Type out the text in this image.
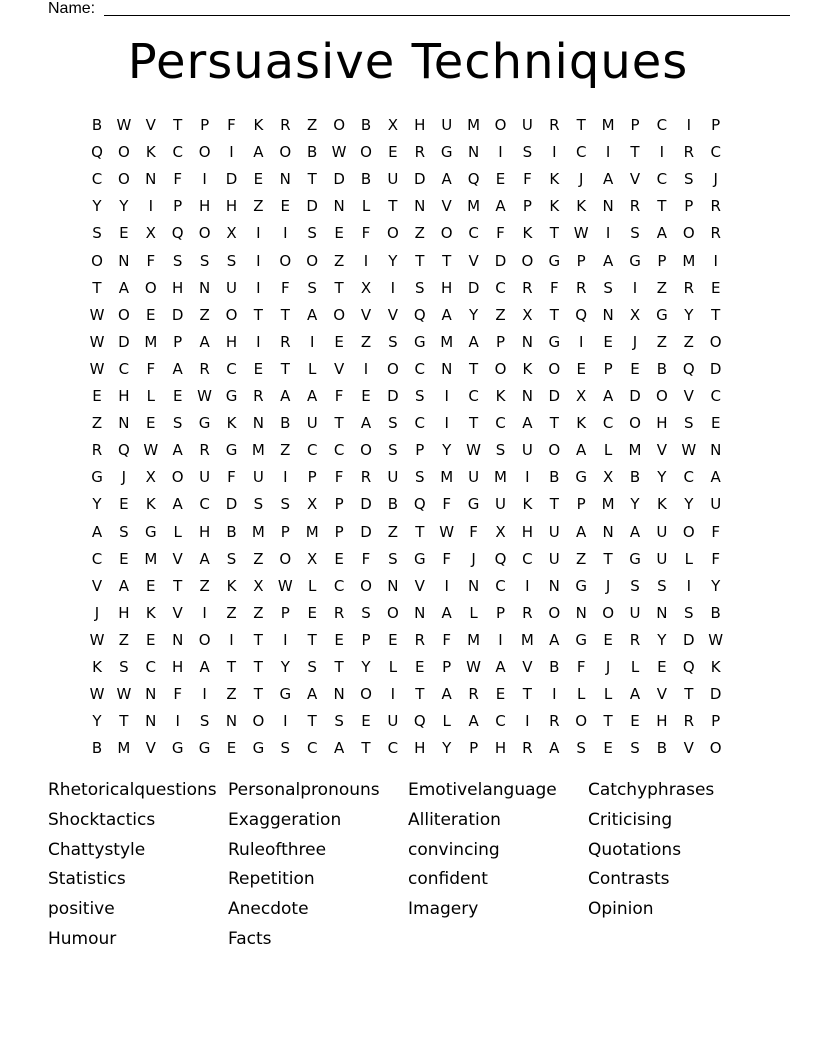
Name:
Persuasive Techniques
B W V	T	P	F	K	R	Z	O	B	X	H	U M O	U	R	T	M	P	C	I	P
Q	O	K	C	O	I	A	O	B W O	E	R	G	N	I	S	I	C	I	T	I	R	C
C	O	N	F	I	D	E	N	T	D	B	U	D	A	Q	E	F	K	J	A	V	C	S	J
Y	Y	I	P	H	H	Z	E	D	N	L	T	N	V	M	A	P	K	K	N	R	T	P	R
S	E	X	Q	O	X	I	I	S	E	F	O	Z	O	C	F	K	T W	I	S	A	O	R
O	N	F	S	S	S	I	O	O	Z	I	Y	T	T	V	D	O	G	P	A	G	P	M	I
T	A	O	H	N	U	I	F	S	T	X	I	S	H	D	C	R	F	R	S	I	Z	R	E
W O	E	D	Z	O	T	T	A	O	V	V	Q	A	Y	Z	X	T	Q	N	X	G	Y	T
W D M	P	A	H	I	R	I	E	Z	S	G M	A	P	N	G	I	E	J	Z	Z	O
W C	F	A	R	C	E	T	L	V	I	O	C	N	T	O	K	O	E	P	E	B	Q	D
E	H	L	E W G	R	A	A	F	E	D	S	I	C	K	N	D	X	A	D	O	V	C
Z	N	E	S	G	K	N	B	U	T	A	S	C	I	T	C	A	T	K	C	O	H	S	E
R	Q W A	R	G M	Z	C	C	O	S	P	Y W S	U	O	A	L	M	V W N
G	J	X	O	U	F	U	I	P	F	R	U	S	M U M	I	B	G	X	B	Y	C	A
Y	E	K	A	C	D	S	S	X	P	D	B	Q	F	G	U	K	T	P	M	Y	K	Y	U
A	S	G	L	H	B	M	P	M	P	D	Z	T W	F	X	H	U	A	N	A	U	O	F
C	E	M	V	A	S	Z	O	X	E	F	S	G	F	J	Q	C	U	Z	T	G	U	L	F
V	A	E	T	Z	K	X W	L	C	O	N	V	I	N	C	I	N	G	J	S	S	I	Y
J	H	K	V	I	Z	Z	P	E	R	S	O	N	A	L	P	R	O	N	O	U	N	S	B
W Z	E	N	O	I	T	I	T	E	P	E	R	F	M	I	M	A	G	E	R	Y	D W
K	S	C	H	A	T	T	Y	S	T	Y	L	E	P W A	V	B	F	J	L	E	Q	K
W W N	F	I	Z	T	G	A	N	O	I	T	A	R	E	T	I	L	L	A	V	T	D
Y	T	N	I	S	N	O	I	T	S	E	U	Q	L	A	C	I	R	O	T	E	H	R	P
B	M	V	G	G	E	G	S	C	A	T	C	H	Y	P	H	R	A	S	E	S	B	V	O
Rhetoricalquestions
Shocktactics
Chattystyle
Statistics
positive
Humour
Personalpronouns
Exaggeration
Ruleofthree
Repetition
Anecdote
Facts
Emotivelanguage
Alliteration
convincing
confident
Imagery
Catchyphrases
Criticising
Quotations
Contrasts
Opinion
